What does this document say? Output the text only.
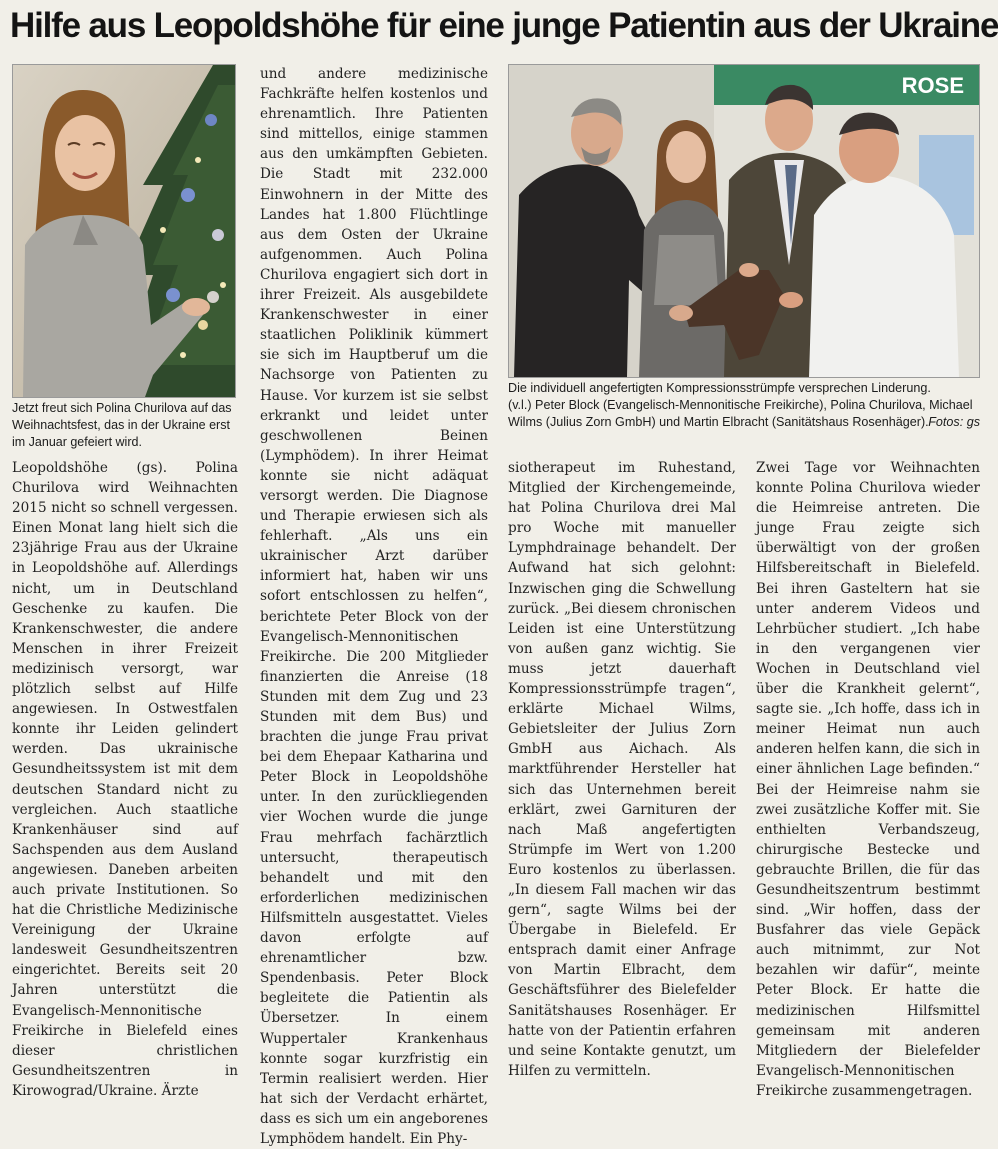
Hilfe aus Leopoldshöhe für eine junge Patientin aus der Ukraine
Jetzt freut sich Polina Churilova auf das Weihnachtsfest, das in der Ukraine erst im Januar gefeiert wird.
ROSE
Die individuell angefertigten Kompressionsstrümpfe versprechen Linderung.
(v.l.) Peter Block (Evangelisch-Mennonitische Freikirche), Polina Churilova, Michael Wilms (Julius Zorn GmbH) und Martin Elbracht (Sanitätshaus Rosenhäger). Fotos: gs

Leopoldshöhe (gs). Polina Churilova wird Weihnachten 2015 nicht so schnell vergessen. Einen Monat lang hielt sich die 23jährige Frau aus der Ukraine in Leopoldshöhe auf. Allerdings nicht, um in Deutschland Geschenke zu kaufen. Die Krankenschwester, die andere Menschen in ihrer Freizeit medizinisch versorgt, war plötzlich selbst auf Hilfe angewiesen. In Ostwestfalen konnte ihr Leiden gelindert werden. Das ukrainische Gesundheitssystem ist mit dem deutschen Standard nicht zu vergleichen. Auch staatliche Krankenhäuser sind auf Sachspenden aus dem Ausland angewiesen. Daneben arbeiten auch private Institutionen. So hat die Christliche Medizinische Vereinigung der Ukraine landesweit Gesundheitszentren eingerichtet. Bereits seit 20 Jahren unterstützt die Evangelisch-Mennonitische Freikirche in Bielefeld eines dieser christlichen Gesundheitszentren in Kirowograd/Ukraine. Ärzte

und andere medizinische Fachkräfte helfen kostenlos und ehrenamtlich. Ihre Patienten sind mittellos, einige stammen aus den umkämpften Gebieten. Die Stadt mit 232.000 Einwohnern in der Mitte des Landes hat 1.800 Flüchtlinge aus dem Osten der Ukraine aufgenommen. Auch Polina Churilova engagiert sich dort in ihrer Freizeit. Als ausgebildete Krankenschwester in einer staatlichen Poliklinik kümmert sie sich im Hauptberuf um die Nachsorge von Patienten zu Hause. Vor kurzem ist sie selbst erkrankt und leidet unter geschwollenen Beinen (Lymphödem). In ihrer Heimat konnte sie nicht adäquat versorgt werden. Die Diagnose und Therapie erwiesen sich als fehlerhaft. „Als uns ein ukrainischer Arzt darüber informiert hat, haben wir uns sofort entschlossen zu helfen“, berichtete Peter Block von der Evangelisch-Mennonitischen Freikirche. Die 200 Mitglieder finanzierten die Anreise (18 Stunden mit dem Zug und 23 Stunden mit dem Bus) und brachten die junge Frau privat bei dem Ehepaar Katharina und Peter Block in Leopoldshöhe unter. In den zurückliegenden vier Wochen wurde die junge Frau mehrfach fachärztlich untersucht, therapeutisch behandelt und mit den erforderlichen medizinischen Hilfsmitteln ausgestattet. Vieles davon erfolgte auf ehrenamtlicher bzw. Spendenbasis. Peter Block begleitete die Patientin als Übersetzer. In einem Wuppertaler Krankenhaus konnte sogar kurzfristig ein Termin realisiert werden. Hier hat sich der Verdacht erhärtet, dass es sich um ein angeborenes Lymphödem handelt. Ein Phy-

siotherapeut im Ruhestand, Mitglied der Kirchengemeinde, hat Polina Churilova drei Mal pro Woche mit manueller Lymphdrainage behandelt. Der Aufwand hat sich gelohnt: Inzwischen ging die Schwellung zurück. „Bei diesem chronischen Leiden ist eine Unterstützung von außen ganz wichtig. Sie muss jetzt dauerhaft Kompressionsstrümpfe tragen“, erklärte Michael Wilms, Gebietsleiter der Julius Zorn GmbH aus Aichach. Als marktführender Hersteller hat sich das Unternehmen bereit erklärt, zwei Garnituren der nach Maß angefertigten Strümpfe im Wert von 1.200 Euro kostenlos zu überlassen. „In diesem Fall machen wir das gern“, sagte Wilms bei der Übergabe in Bielefeld. Er entsprach damit einer Anfrage von Martin Elbracht, dem Geschäftsführer des Bielefelder Sanitätshauses Rosenhäger. Er hatte von der Patientin erfahren und seine Kontakte genutzt, um Hilfen zu vermitteln.

Zwei Tage vor Weihnachten konnte Polina Churilova wieder die Heimreise antreten. Die junge Frau zeigte sich überwältigt von der großen Hilfsbereitschaft in Bielefeld. Bei ihren Gasteltern hat sie unter anderem Videos und Lehrbücher studiert. „Ich habe in den vergangenen vier Wochen in Deutschland viel über die Krankheit gelernt“, sagte sie. „Ich hoffe, dass ich in meiner Heimat nun auch anderen helfen kann, die sich in einer ähnlichen Lage befinden.“ Bei der Heimreise nahm sie zwei zusätzliche Koffer mit. Sie enthielten Verbandszeug, chirurgische Bestecke und gebrauchte Brillen, die für das Gesundheitszentrum bestimmt sind. „Wir hoffen, dass der Busfahrer das viele Gepäck auch mitnimmt, zur Not bezahlen wir dafür“, meinte Peter Block. Er hatte die medizinischen Hilfsmittel gemeinsam mit anderen Mitgliedern der Bielefelder Evangelisch-Mennonitischen Freikirche zusammengetragen.
